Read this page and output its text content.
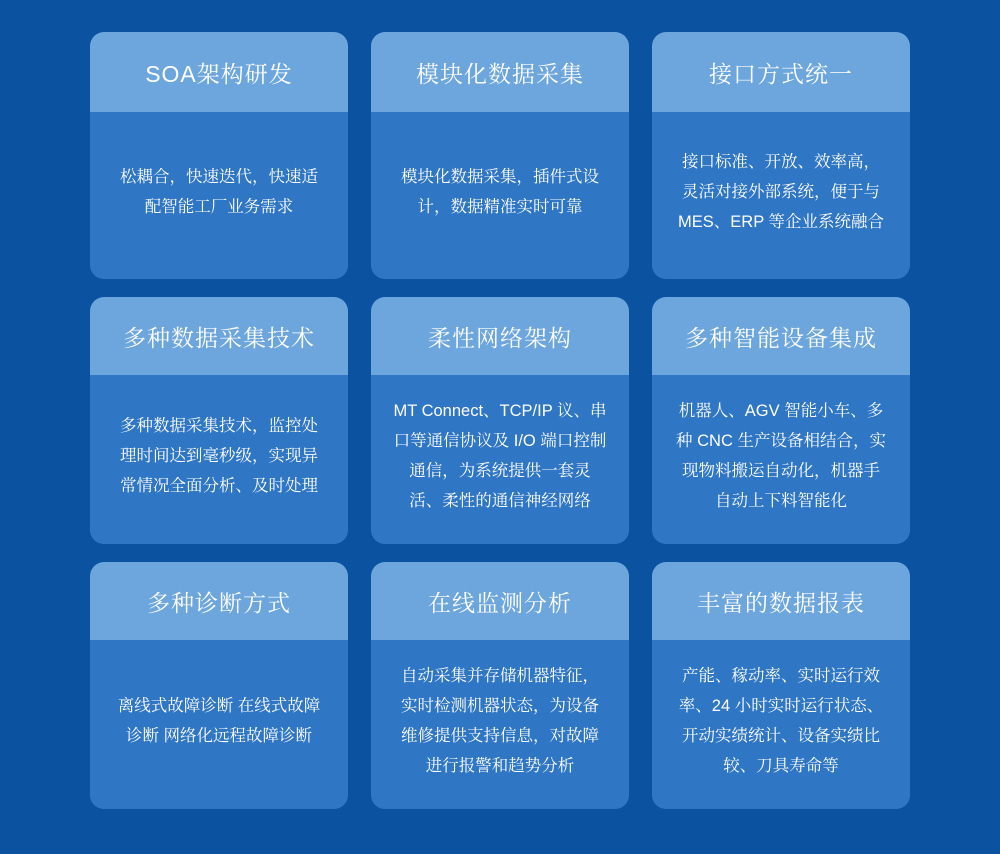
SOA架构研发
松耦合，快速迭代，快速适配智能工厂业务需求
模块化数据采集
模块化数据采集，插件式设计，数据精准实时可靠
接口方式统一
接口标准、开放、效率高，灵活对接外部系统，便于与 MES、ERP 等企业系统融合
多种数据采集技术
多种数据采集技术，监控处理时间达到毫秒级，实现异常情况全面分析、及时处理
柔性网络架构
MT Connect、TCP/IP 议、串口等通信协议及 I/O 端口控制通信，为系统提供一套灵活、柔性的通信神经网络
多种智能设备集成
机器人、AGV 智能小车、多种 CNC 生产设备相结合，实现物料搬运自动化，机器手自动上下料智能化
多种诊断方式
离线式故障诊断 在线式故障诊断 网络化远程故障诊断
在线监测分析
自动采集并存储机器特征，实时检测机器状态，为设备维修提供支持信息，对故障进行报警和趋势分析
丰富的数据报表
产能、稼动率、实时运行效率、24 小时实时运行状态、开动实绩统计、设备实绩比较、刀具寿命等
